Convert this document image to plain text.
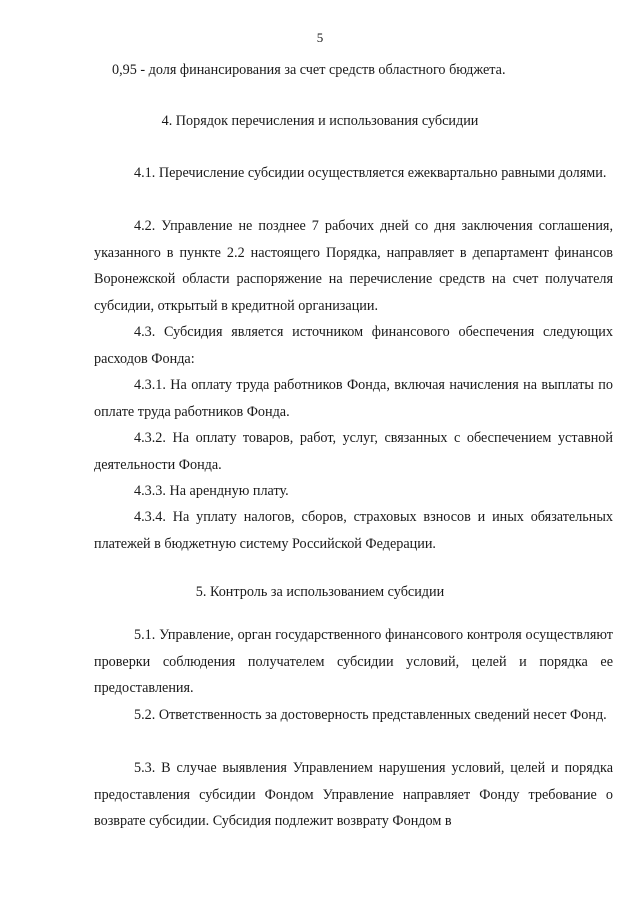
5
0,95 - доля финансирования за счет средств областного бюджета.
4. Порядок перечисления и использования субсидии

4.1. Перечисление субсидии осуществляется ежеквартально равными долями.

4.2. Управление не позднее 7 рабочих дней со дня заключения соглашения, указанного в пункте 2.2 настоящего Порядка, направляет в департамент финансов Воронежской области распоряжение на перечисление средств на счет получателя субсидии, открытый в кредитной организации.

4.3. Субсидия является источником финансового обеспечения следующих расходов Фонда:

4.3.1. На оплату труда работников Фонда, включая начисления на выплаты по оплате труда работников Фонда.

4.3.2. На оплату товаров, работ, услуг, связанных с обеспечением уставной деятельности Фонда.

4.3.3. На арендную плату.

4.3.4. На уплату налогов, сборов, страховых взносов и иных обязательных платежей в бюджетную систему Российской Федерации.

5. Контроль за использованием субсидии

5.1. Управление, орган государственного финансового контроля осуществляют проверки соблюдения получателем субсидии условий, целей и порядка ее предоставления.

5.2. Ответственность за достоверность представленных сведений несет Фонд.

5.3. В случае выявления Управлением нарушения условий, целей и порядка предоставления субсидии Фондом Управление направляет Фонду требование о возврате субсидии. Субсидия подлежит возврату Фондом в
